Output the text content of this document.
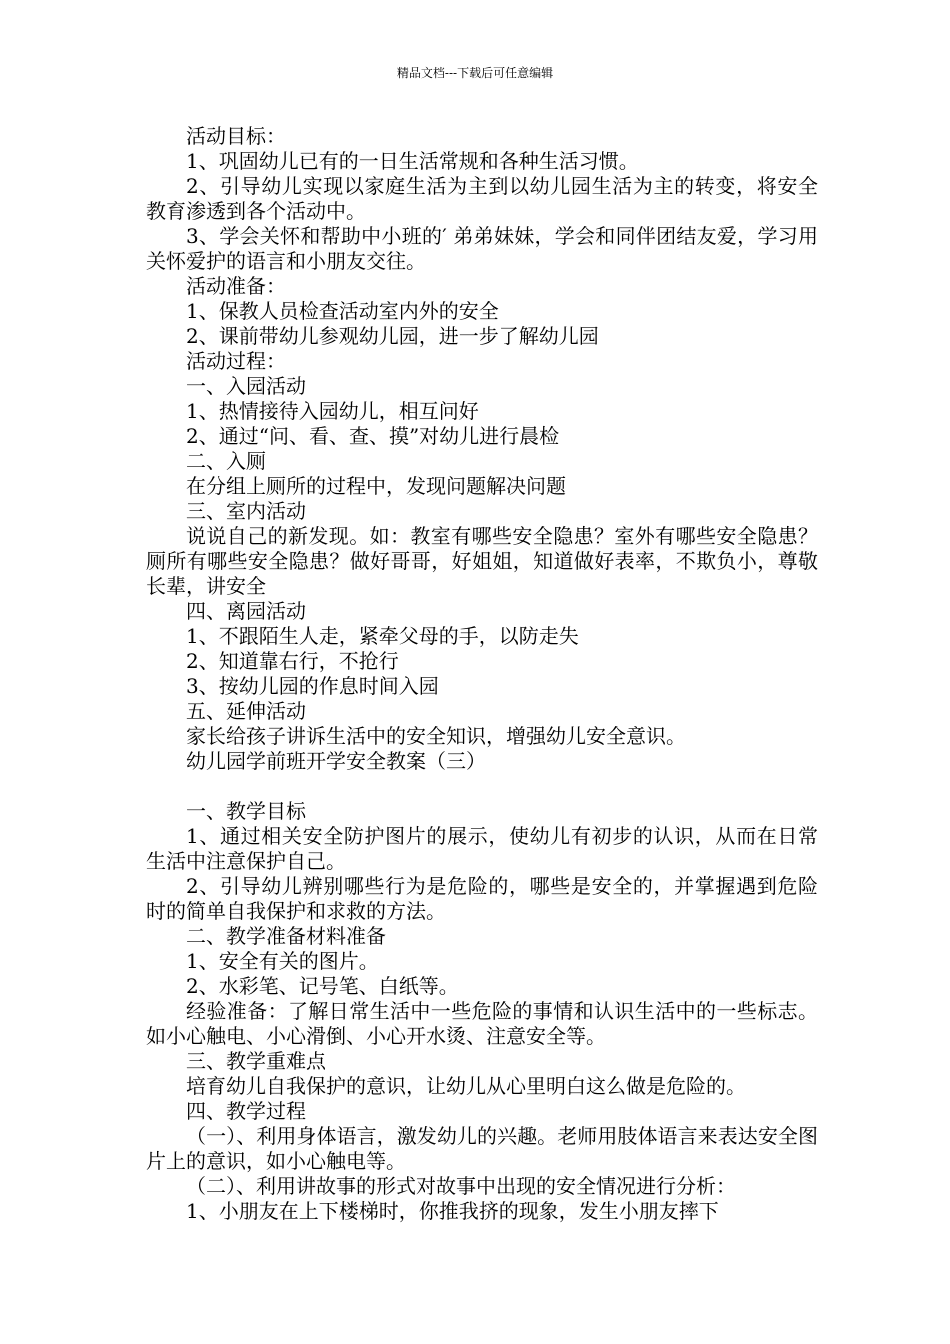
精品文档---下载后可任意编辑

活动目标：

1、巩固幼儿已有的一日生活常规和各种生活习惯。

2、引导幼儿实现以家庭生活为主到以幼儿园生活为主的转变，将安全教育渗透到各个活动中。

3、学会关怀和帮助中小班的′ 弟弟妹妹，学会和同伴团结友爱，学习用关怀爱护的语言和小朋友交往。

活动准备：

1、保教人员检查活动室内外的安全

2、课前带幼儿参观幼儿园，进一步了解幼儿园

活动过程：

一、入园活动

1、热情接待入园幼儿，相互问好

2、通过“问、看、查、摸”对幼儿进行晨检

二、入厕

在分组上厕所的过程中，发现问题解决问题

三、室内活动

说说自己的新发现。如：教室有哪些安全隐患？室外有哪些安全隐患？厕所有哪些安全隐患？做好哥哥，好姐姐，知道做好表率，不欺负小，尊敬长辈，讲安全

四、离园活动

1、不跟陌生人走，紧牵父母的手，以防走失

2、知道靠右行，不抢行

3、按幼儿园的作息时间入园

五、延伸活动

家长给孩子讲诉生活中的安全知识，增强幼儿安全意识。

幼儿园学前班开学安全教案（三）

一、教学目标

1、通过相关安全防护图片的展示，使幼儿有初步的认识，从而在日常生活中注意保护自己。

2、引导幼儿辨别哪些行为是危险的，哪些是安全的，并掌握遇到危险时的简单自我保护和求救的方法。

二、教学准备材料准备

1、安全有关的图片。

2、水彩笔、记号笔、白纸等。

经验准备：了解日常生活中一些危险的事情和认识生活中的一些标志。如小心触电、小心滑倒、小心开水烫、注意安全等。

三、教学重难点

培育幼儿自我保护的意识，让幼儿从心里明白这么做是危险的。

四、教学过程

（一）、利用身体语言，激发幼儿的兴趣。老师用肢体语言来表达安全图片上的意识，如小心触电等。

（二）、利用讲故事的形式对故事中出现的安全情况进行分析：

1、小朋友在上下楼梯时，你推我挤的现象，发生小朋友摔下
